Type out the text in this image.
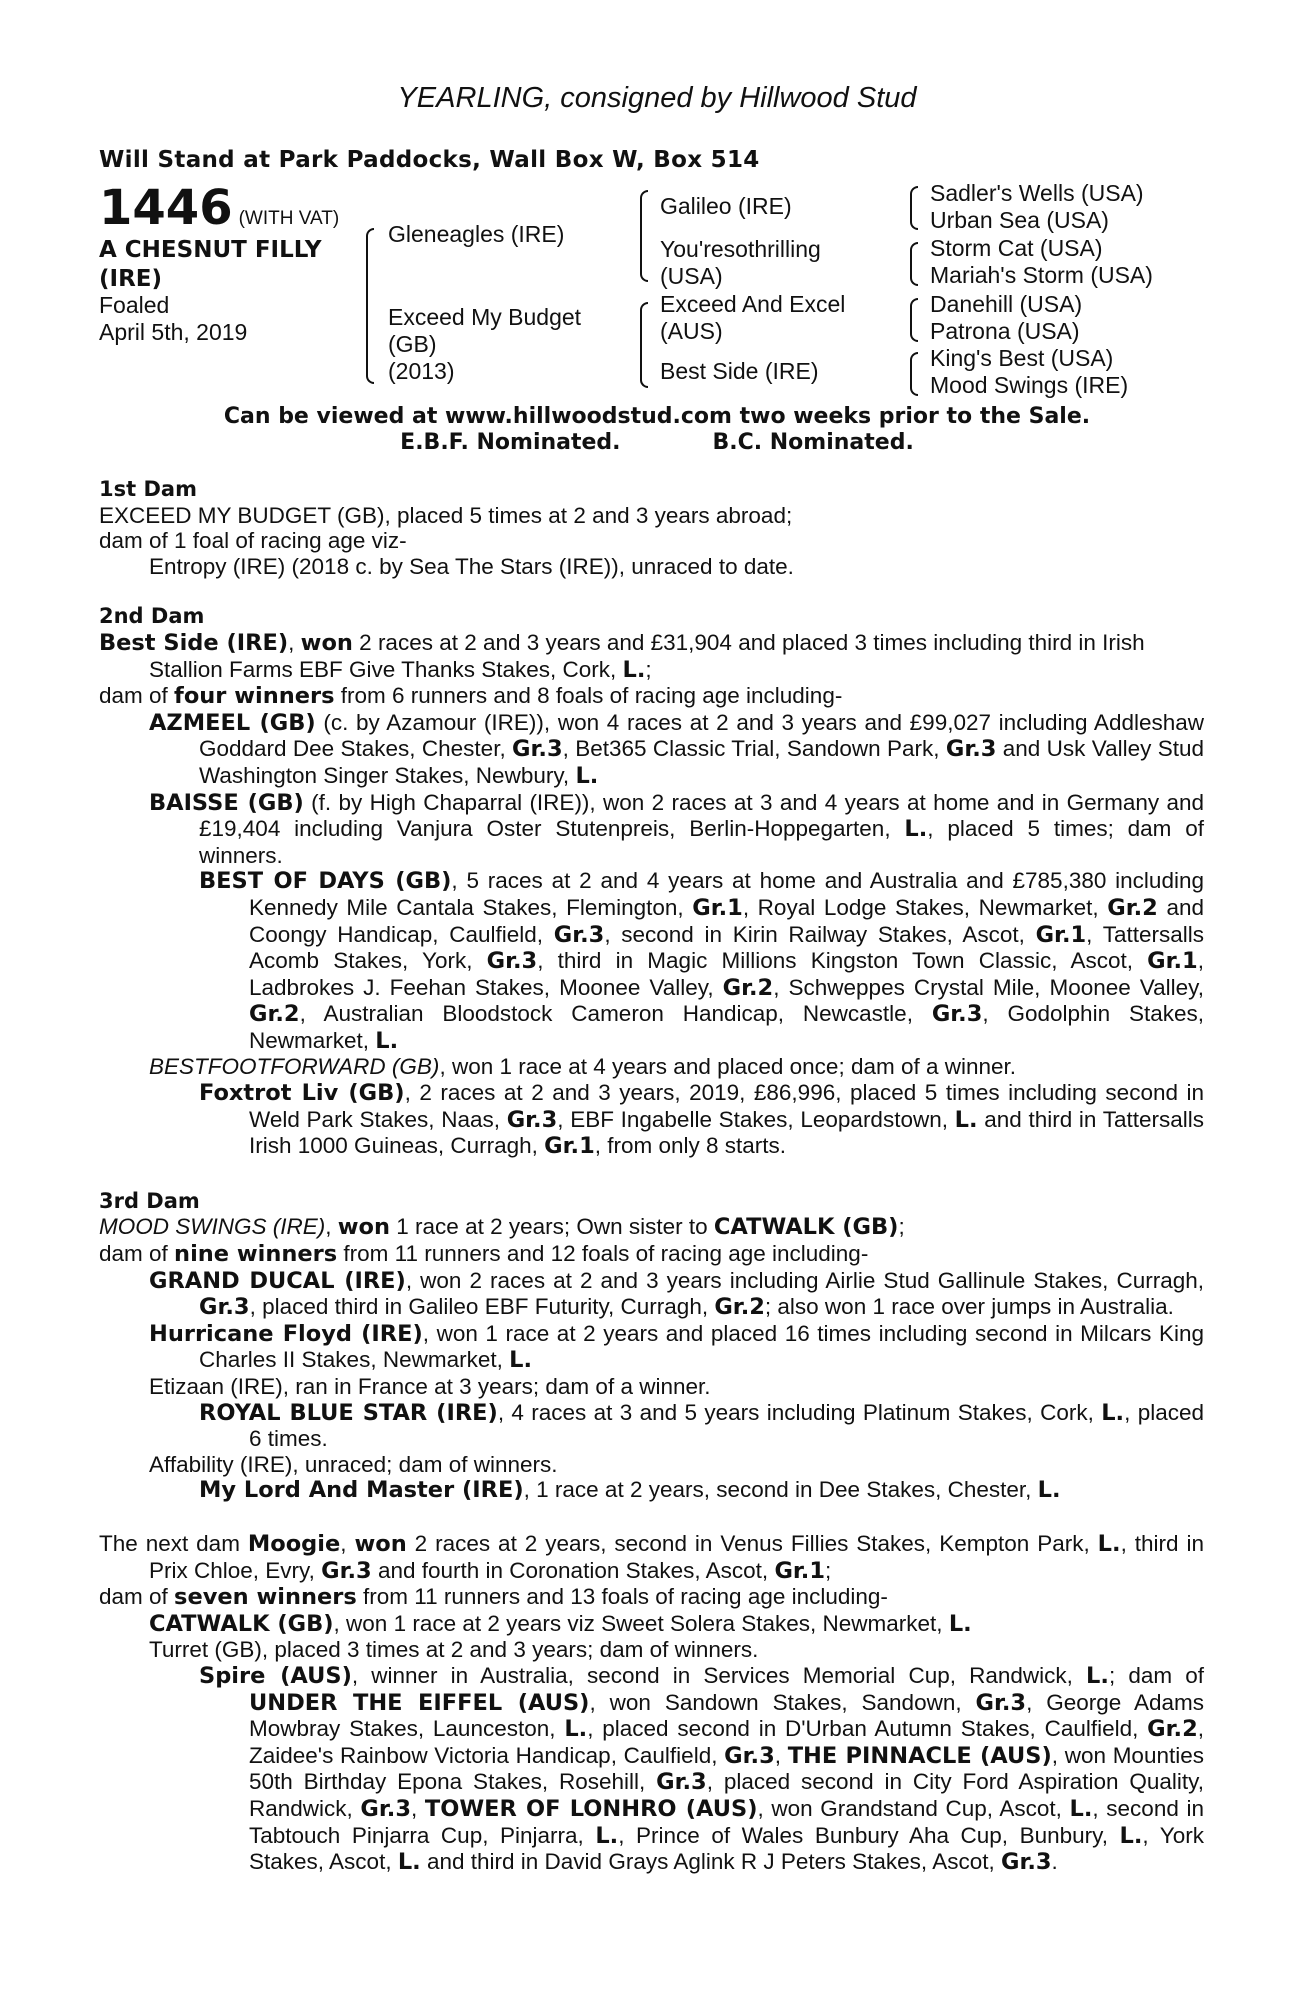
YEARLING, consigned by Hillwood Stud
Will Stand at Park Paddocks, Wall Box W, Box 514
1446 (WITH VAT)
A CHESNUT FILLY
(IRE)
Foaled
April 5th, 2019
Gleneagles (IRE)
Exceed My Budget
(GB)
(2013)
Galileo (IRE)
You'resothrilling
(USA)
Exceed And Excel
(AUS)
Best Side (IRE)
Sadler's Wells (USA)
Urban Sea (USA)
Storm Cat (USA)
Mariah's Storm (USA)
Danehill (USA)
Patrona (USA)
King's Best (USA)
Mood Swings (IRE)
Can be viewed at www.hillwoodstud.com two weeks prior to the Sale.
E.B.F. Nominated.	B.C. Nominated.

1st Dam

EXCEED MY BUDGET (GB), placed 5 times at 2 and 3 years abroad;

dam of 1 foal of racing age viz-

Entropy (IRE) (2018 c. by Sea The Stars (IRE)), unraced to date.

2nd Dam

Best Side (IRE), won 2 races at 2 and 3 years and £31,904 and placed 3 times including third in Irish Stallion Farms EBF Give Thanks Stakes, Cork, L.;

dam of four winners from 6 runners and 8 foals of racing age including-

AZMEEL (GB) (c. by Azamour (IRE)), won 4 races at 2 and 3 years and £99,027 including Addleshaw Goddard Dee Stakes, Chester, Gr.3, Bet365 Classic Trial, Sandown Park, Gr.3 and Usk Valley Stud Washington Singer Stakes, Newbury, L.

BAISSE (GB) (f. by High Chaparral (IRE)), won 2 races at 3 and 4 years at home and in Germany and £19,404 including Vanjura Oster Stutenpreis, Berlin-Hoppegarten, L., placed 5 times; dam of winners.

BEST OF DAYS (GB), 5 races at 2 and 4 years at home and Australia and £785,380 including Kennedy Mile Cantala Stakes, Flemington, Gr.1, Royal Lodge Stakes, Newmarket, Gr.2 and Coongy Handicap, Caulfield, Gr.3, second in Kirin Railway Stakes, Ascot, Gr.1, Tattersalls Acomb Stakes, York, Gr.3, third in Magic Millions Kingston Town Classic, Ascot, Gr.1, Ladbrokes J. Feehan Stakes, Moonee Valley, Gr.2, Schweppes Crystal Mile, Moonee Valley, Gr.2, Australian Bloodstock Cameron Handicap, Newcastle, Gr.3, Godolphin Stakes, Newmarket, L.

BESTFOOTFORWARD (GB), won 1 race at 4 years and placed once; dam of a winner.

Foxtrot Liv (GB), 2 races at 2 and 3 years, 2019, £86,996, placed 5 times including second in Weld Park Stakes, Naas, Gr.3, EBF Ingabelle Stakes, Leopardstown, L. and third in Tattersalls Irish 1000 Guineas, Curragh, Gr.1, from only 8 starts.

3rd Dam

MOOD SWINGS (IRE), won 1 race at 2 years; Own sister to CATWALK (GB);

dam of nine winners from 11 runners and 12 foals of racing age including-

GRAND DUCAL (IRE), won 2 races at 2 and 3 years including Airlie Stud Gallinule Stakes, Curragh, Gr.3, placed third in Galileo EBF Futurity, Curragh, Gr.2; also won 1 race over jumps in Australia.

Hurricane Floyd (IRE), won 1 race at 2 years and placed 16 times including second in Milcars King Charles II Stakes, Newmarket, L.

Etizaan (IRE), ran in France at 3 years; dam of a winner.

ROYAL BLUE STAR (IRE), 4 races at 3 and 5 years including Platinum Stakes, Cork, L., placed 6 times.

Affability (IRE), unraced; dam of winners.

My Lord And Master (IRE), 1 race at 2 years, second in Dee Stakes, Chester, L.

The next dam Moogie, won 2 races at 2 years, second in Venus Fillies Stakes, Kempton Park, L., third in Prix Chloe, Evry, Gr.3 and fourth in Coronation Stakes, Ascot, Gr.1;

dam of seven winners from 11 runners and 13 foals of racing age including-

CATWALK (GB), won 1 race at 2 years viz Sweet Solera Stakes, Newmarket, L.

Turret (GB), placed 3 times at 2 and 3 years; dam of winners.

Spire (AUS), winner in Australia, second in Services Memorial Cup, Randwick, L.; dam of UNDER THE EIFFEL (AUS), won Sandown Stakes, Sandown, Gr.3, George Adams Mowbray Stakes, Launceston, L., placed second in D'Urban Autumn Stakes, Caulfield, Gr.2, Zaidee's Rainbow Victoria Handicap, Caulfield, Gr.3, THE PINNACLE (AUS), won Mounties 50th Birthday Epona Stakes, Rosehill, Gr.3, placed second in City Ford Aspiration Quality, Randwick, Gr.3, TOWER OF LONHRO (AUS), won Grandstand Cup, Ascot, L., second in Tabtouch Pinjarra Cup, Pinjarra, L., Prince of Wales Bunbury Aha Cup, Bunbury, L., York Stakes, Ascot, L. and third in David Grays Aglink R J Peters Stakes, Ascot, Gr.3.
